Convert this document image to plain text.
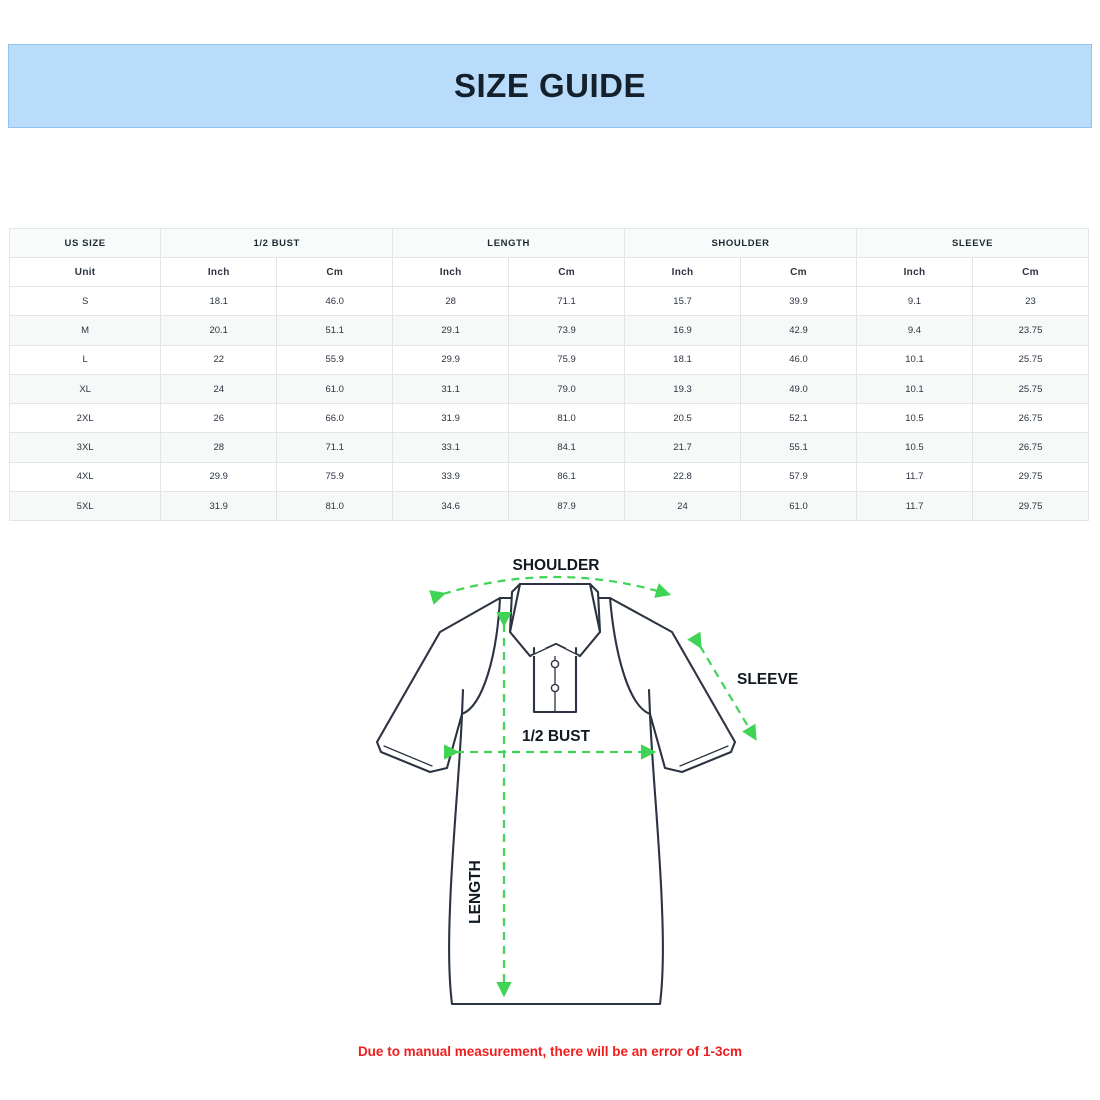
SIZE GUIDE
US SIZE	1/2 BUST		LENGTH		SHOULDER		SLEEVE	
Unit	Inch	Cm	Inch	Cm	Inch	Cm	Inch	Cm
S	18.1	46.0	28	71.1	15.7	39.9	9.1	23
M	20.1	51.1	29.1	73.9	16.9	42.9	9.4	23.75
L	22	55.9	29.9	75.9	18.1	46.0	10.1	25.75
XL	24	61.0	31.1	79.0	19.3	49.0	10.1	25.75
2XL	26	66.0	31.9	81.0	20.5	52.1	10.5	26.75
3XL	28	71.1	33.1	84.1	21.7	55.1	10.5	26.75
4XL	29.9	75.9	33.9	86.1	22.8	57.9	11.7	29.75
5XL	31.9	81.0	34.6	87.9	24	61.0	11.7	29.75
1/2 BUST
SHOULDER
SLEEVE
LENGTH
Due to manual measurement, there will be an error of 1-3cm
